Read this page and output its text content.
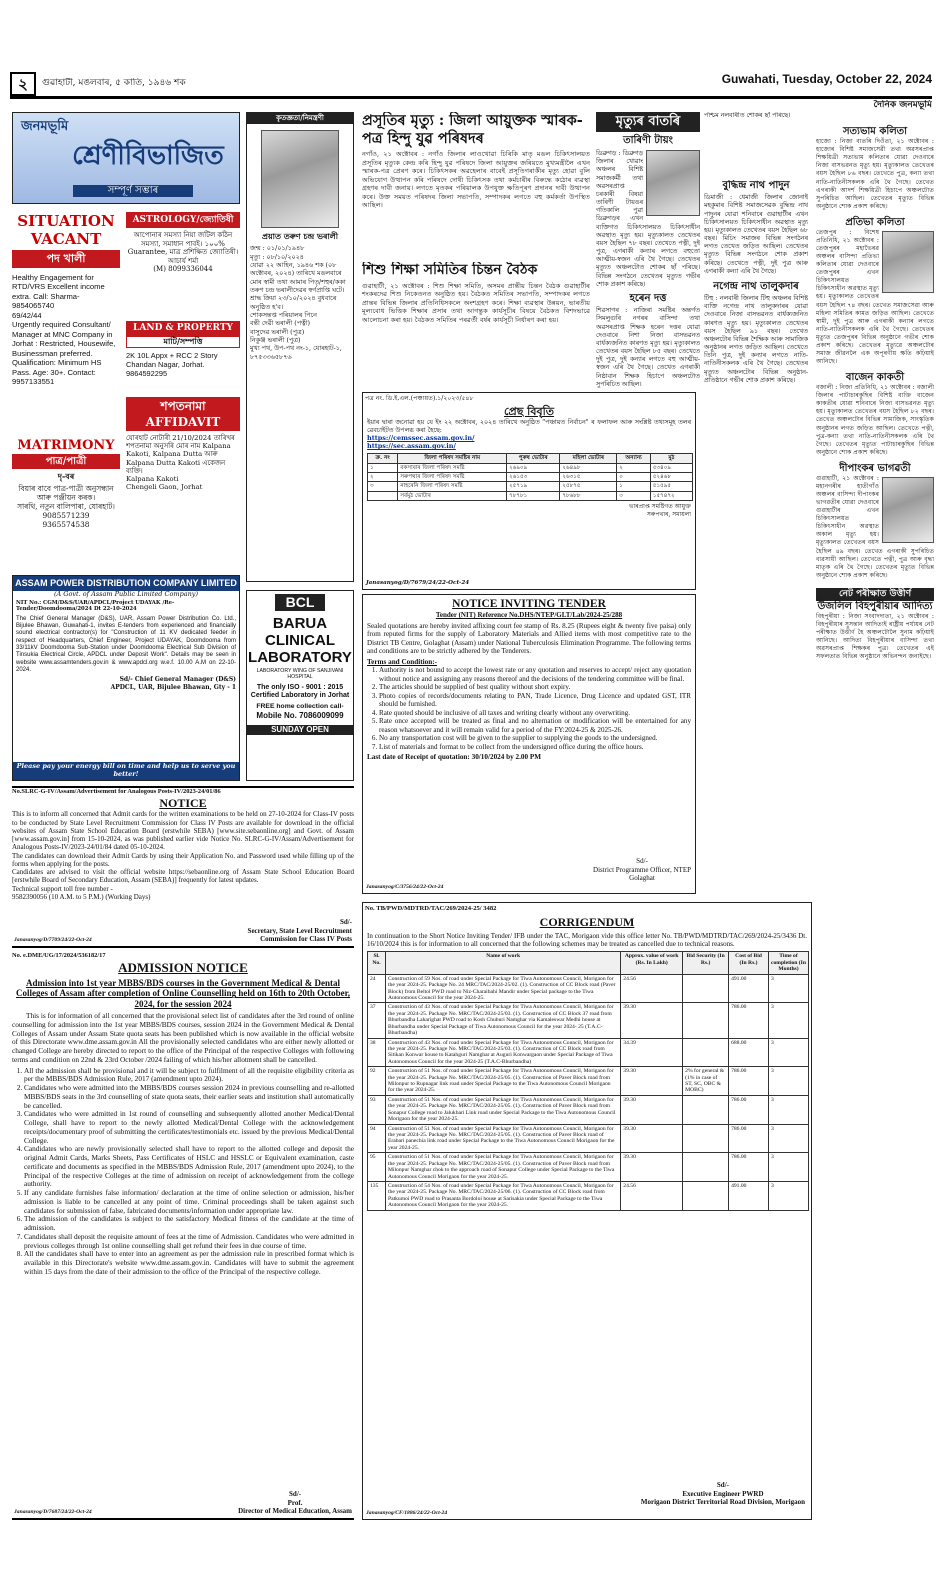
২	গুৱাহাটী, মঙলবাৰ, ৫ কাতি, ১৯৪৬ শক	Guwahati, Tuesday, October 22, 2024
দৈনিক জনমভূমি
জনমভূমি
শ্ৰেণীবিভাজিত
সম্পূৰ্ণ সম্ভাৰ
SITUATION VACANT
পদ খালী
Healthy Engagement for RTD/VRS Excellent income extra. Call: Sharma- 9854065740
69/42/44
Urgently required Consultant/ Manager at MNC Company in Jorhat : Restricted, Housewife, Businessman preferred. Qualification: Minimum HS Pass. Age: 30+. Contact: 9957133551
MATRIMONY
পাত্ৰ/পাত্ৰী
দৃ-বৰ
বিয়াৰ বাবে পাত্ৰ-পাত্ৰী অনুসন্ধান আৰু পঞ্জীয়ন কৰক।
সাৰথি, নতুন বালিপাৰা, যোৰহাট।
9085571239
9365574538
ASTROLOGY/জ্যোতিষী
আপোনাৰ সমস্যা নিয়া জটিল কঠিন সমস্যা, সমাধান পাবই। ১০০% Guarantee, মাত্ৰ প্ৰশিক্ষিত জ্যোতিষী।
আচাৰ্য শৰ্মা
(M) 8099336044
LAND & PROPERTY
মাটি/সম্পত্তি
2K 10L Appx + RCC 2 Story Chandan Nagar, Jorhat. 9864592295
শপতনামা AFFIDAVIT
যোৰহাট নোটাৰী 21/10/2024 তাৰিখৰ শপতনামা অনুসৰি মোৰ নাম Kalpana Kakoti, Kalpana Dutta আৰু Kalpana Dutta Kakoti একেজন ব্যক্তি।
Kalpana Kakoti
Chengeli Gaon, Jorhat
কৃতজ্ঞতা/নিমন্ত্ৰণী
প্ৰয়াত তৰুণ চন্দ্ৰ ভৰালী
জন্ম : ০১/০১/১৯৪৮
মৃত্যু : ০৮/১০/২০২৪
যোৱা ২২ আহিন, ১৯৪৬ শক (০৮ অক্টোবৰ, ২০২৪) তাৰিখে মঙলবাৰে মোৰ স্বামী তথা আমাৰ পিতৃ/শহুৰ/ককা তৰুণ চন্দ্ৰ ভৰালীদেৱৰ স্বৰ্গপ্ৰাপ্তি ঘটে। শ্ৰাদ্ধ ক্ৰিয়া ২৩/১০/২০২৪ বুধবাৰে অনুষ্ঠিত হ'ব।
শোকসন্তপ্ত পৰিয়ালৰ পিনে
বন্তী দেৱী ভৰালী (পত্নী)
বাসুদেৱ ভৰালী (পুত্ৰ)
নিকুঞ্জ ভৰালী (পুত্ৰ)
মুখ্য পথ, উপ-পথ নং-১, যোৰহাট-১, ৮৭৫৩৩৬৫৮৭৬
ASSAM POWER DISTRIBUTION COMPANY LIMITED
(A Govt. of Assam Public Limited Company)
NIT No.: CGM/D&S/UAR/APDCL/Project UDAYAK /Re-Tender/Doomdooma/2024 Dt 22-10-2024
The Chief General Manager (D&S), UAR, Assam Power Distribution Co. Ltd., Bijulee Bhawan, Guwahati-1, invites E-tenders from experienced and financially sound electrical contractor(s) for "Construction of 11 KV dedicated feeder in respect of Headquarters, Chief Engineer, Project UDAYAK, Doomdooma from 33/11kV Doomdooma Sub-Station under Doomdooma Electrical Sub Division of Tinsukia Electrical Circle, APDCL under Deposit Work". Details may be seen in website www.assamtenders.gov.in & www.apdcl.org w.e.f. 10.00 A.M on 22-10-2024.
Sd/- Chief General Manager (D&S)
APDCL, UAR, Bijulee Bhawan, Gty - 1
Please pay your energy bill on time and help us to serve you better!
BCL
BARUA CLINICAL LABORATORY
LABORATORY WING OF SANJIVANI HOSPITAL
The only ISO - 9001 : 2015 Certified Laboratory in Jorhat
FREE home collection call-
Mobile No. 7086009099
SUNDAY OPEN
No.SLRC-G-IV/Assam/Advertisement for Analogous Posts-IV/2023-24/01/86
NOTICE
This is to inform all concerned that Admit cards for the written examinations to be held on 27-10-2024 for Class-IV posts to be conducted by State Level Recruitment Commission for Class IV Posts are available for download in the official websites of Assam State School Education Board (erstwhile SEBA) [www.site.sebaonline.org] and Govt. of Assam [www.assam.gov.in] from 15-10-2024, as was published earlier vide Notice No. SLRC-G-IV/Assam/Advertisement for Analogous Posts-IV/2023-24/01/84 dated 05-10-2024.
The candidates can download their Admit Cards by using their Application No. and Password used while filling up of the forms when applying for the posts.
Candidates are advised to visit the official website https://sebaonline.org of Assam State School Education Board [erstwhile Board of Secondary Education, Assam (SEBA)] frequently for latest updates.
Technical support toll free number -
9582390056 (10 A.M. to 5 P.M.) (Working Days)
Sd/-
Secretary, State Level Recruitment
Commission for Class IV Posts
Janasanyog/D/7709/24/22-Oct-24
No. e.DME/UG/17/2024/536182/17
ADMISSION NOTICE
Admission into 1st year MBBS/BDS courses in the Government Medical & Dental Colleges of Assam after completion of Online Counselling held on 16th to 20th October, 2024, for the session 2024
This is for information of all concerned that the provisional select list of candidates after the 3rd round of online counselling for admission into the 1st year MBBS/BDS courses, session 2024 in the Government Medical & Dental Colleges of Assam under Assam State quota seats has been published which is now available in the official website of this Directorate www.dme.assam.gov.in All the provisionally selected candidates who are either newly allotted or changed College are hereby directed to report to the office of the Principal of the respective Colleges with following terms and condition on 22nd & 23rd October /2024 failing of which his/her allotment shall be cancelled.
1. All the admission shall be provisional and it will be subject to fulfilment of all the requisite eligibility criteria as per the MBBS/BDS Admission Rule, 2017 (amendment upto 2024).
2. Candidates who were admitted into the MBBS/BDS courses session 2024 in previous counselling and re-allotted MBBS/BDS seats in the 3rd counselling of state quota seats, their earlier seats and institution shall automatically be cancelled.
3. Candidates who were admitted in 1st round of counselling and subsequently allotted another Medical/Dental College, shall have to report to the newly allotted Medical/Dental College with the acknowledgement receipts/documentary proof of submitting the certificates/testimonials etc. issued by the previous Medical/Dental College.
4. Candidates who are newly provisionally selected shall have to report to the allotted college and deposit the original Admit Cards, Marks Sheets, Pass Certificates of HSLC and HSSLC or Equivalent examination, caste certificate and documents as specified in the MBBS/BDS Admission Rule, 2017 (amendment upto 2024), to the Principal of the respective Colleges at the time of admission on receipt of acknowledgement from the college authority.
5. If any candidate furnishes false information/ declaration at the time of online selection or admission, his/her admission is liable to be cancelled at any point of time. Criminal proceedings shall be taken against such candidates for submission of false, fabricated documents/information under appropriate law.
6. The admission of the candidates is subject to the satisfactory Medical fitness of the candidate at the time of admission.
7. Candidates shall deposit the requisite amount of fees at the time of Admission. Candidates who were admitted in previous colleges through 1st online counselling shall get refund their fees in due course of time.
8. All the candidates shall have to enter into an agreement as per the admission rule in prescribed format which is available in this Directorate's website www.dme.assam.gov.in. Candidates will have to submit the agreement within 15 days from the date of their admission to the office of the Principal of the respective college.
Sd/-
Prof.
Director of Medical Education, Assam
Janasanyog/D/7687/24/22-Oct-24
প্ৰসূতিৰ মৃত্যু : জিলা আয়ুক্তক স্মাৰক-পত্ৰ হিন্দু যুৱ পৰিষদৰ
নগাঁও, ২১ অক্টোবৰ : নগাঁও জিলাৰ লাওখোৱা চিৰিকি মাতৃ মঙল চিকিৎসালয়ত প্ৰসূতিৰ মৃত্যুক কেন্দ্ৰ কৰি হিন্দু যুৱ পৰিষদে জিলা আয়ুক্তৰ জৰিয়তে মুখ্যমন্ত্ৰীলৈ এখন স্মাৰক-পত্ৰ প্ৰেৰণ কৰে। চিকিৎসকৰ অৱহেলাৰ বাবেই প্ৰসূতিগৰাকীৰ মৃত্যু হোৱা বুলি অভিযোগ উত্থাপন কৰি পৰিষদে দোষী চিকিৎসক তথা কৰ্মচাৰীৰ বিৰুদ্ধে কঠোৰ ব্যৱস্থা গ্ৰহণৰ দাবী জনায়। লগতে মৃতকৰ পৰিয়ালক উপযুক্ত ক্ষতিপূৰণ প্ৰদানৰ দাবী উত্থাপন কৰে। উক্ত সময়ত পৰিষদৰ জিলা সভাপতি, সম্পাদকৰ লগতে বহু কৰ্মকৰ্তা উপস্থিত আছিল।
মৃত্যুৰ বাতৰি
তাৰিণী টায়ং
ডিব্ৰুগড় : ডিব্ৰুগড় জিলাৰ খোৱাং অঞ্চলৰ বিশিষ্ট সমাজকৰ্মী তথা অৱসৰপ্ৰাপ্ত চৰকাৰী বিষয়া তাৰিণী টায়ঙৰ গতিকালি পুৱা ডিব্ৰুগড়ৰ এখন ব্যক্তিগত চিকিৎসালয়ত চিকিৎসাধীন অৱস্থাত মৃত্যু হয়। মৃত্যুকালত তেখেতৰ বয়স হৈছিল ৭৮ বছৰ। তেখেতে পত্নী, দুই পুত্ৰ, এগৰাকী কন্যাৰ লগতে বহুতো আত্মীয়-স্বজন এৰি থৈ গৈছে। তেখেতৰ মৃত্যুত অঞ্চলটোত শোকৰ ছাঁ পৰিছে। বিভিন্ন সংগঠনে তেখেতৰ মৃত্যুত গভীৰ শোক প্ৰকাশ কৰিছে।
হৰেন দত্ত
শিৱসাগৰ : নাজিৰা সমষ্টিৰ অন্তৰ্গত সিমলুগুৰি নগৰৰ বাসিন্দা তথা অৱসৰপ্ৰাপ্ত শিক্ষক হৰেন দত্তৰ যোৱা দেওবাৰে নিশা নিজা বাসভৱনত বাৰ্ধক্যজনিত কাৰণত মৃত্যু হয়। মৃত্যুকালত তেখেতৰ বয়স হৈছিল ৮৫ বছৰ। তেখেতে দুই পুত্ৰ, দুই কন্যাৰ লগতে বহু আত্মীয়-স্বজন এৰি থৈ গৈছে। তেখেত এগৰাকী নিষ্ঠাবান শিক্ষক হিচাপে অঞ্চলটোত সুপৰিচিত আছিল।
পশ্চিম নলবাৰীত শোকৰ ছাঁ পৰিছে।
শিশু শিক্ষা সমিতিৰ চিন্তন বৈঠক
গুৱাহাটী, ২১ অক্টোবৰ : শিশু শিক্ষা সমিতি, অসমৰ প্ৰান্তীয় চিন্তন বৈঠক গুৱাহাটীৰ শংকৰদেৱ শিশু নিকেতনত অনুষ্ঠিত হয়। বৈঠকত সমিতিৰ সভাপতি, সম্পাদকৰ লগতে প্ৰান্তৰ বিভিন্ন জিলাৰ প্ৰতিনিধিসকলে অংশগ্ৰহণ কৰে। শিক্ষা ব্যৱস্থাৰ উন্নয়ন, ভাৰতীয় মূল্যবোধ ভিত্তিক শিক্ষাৰ প্ৰসাৰ তথা আগন্তুক কাৰ্যসূচীৰ বিষয়ে বৈঠকত বিশদভাৱে আলোচনা কৰা হয়। বৈঠকত সমিতিৰ পৰৱৰ্তী বৰ্ষৰ কাৰ্যসূচী নিৰ্ধাৰণ কৰা হয়।
পত্ৰ নং. ডি.ই.এল.(পঞ্চায়ত).১/২০২৩/৫৪৮
প্ৰেছ বিবৃতি
ইয়াৰ দ্বাৰা জনোৱা হয় যে ইং ২২ অক্টোবৰ, ২০২৪ তাৰিখে অনুষ্ঠিত "পঞ্চায়ত নিৰ্বাচন" ৰ ফলাফল আৰু সংশ্লিষ্ট তথ্যসমূহ তলৰ ৱেবচাইটত উপলব্ধ কৰা হৈছে:
https://cemssec.assam.gov.in/
https://sec.assam.gov.in/
ক্ৰ. নং	জিলা পৰিষদ সমষ্টিৰ নাম	পুৰুষ ভোটাৰ	মহিলা ভোটাৰ	অন্যান্য	মুঠ
১	বকসাবাৰ জিলা পৰিষদ সমষ্টি	২৬৯০৯	২৬৪৯৮	২	৫৩৪০৯
২	সৰুপথাৰ জিলা পৰিষদ সমষ্টি	২৬১৫৩	২৬৩১৫	০	৫২৪৬৮
৩	নাহৰেনি জিলা পৰিষদ সমষ্টি	২৫৭১৯	২৫৮৭৫	১	৫১৫৯৫
	সৰ্বমুঠ ভোটাৰ	৭৮৭৮১	৭৮৬৮৮	৩	১৫৭৪৭২
ভাৰপ্ৰাপ্ত সমষ্টিগত আয়ুক্ত
সৰুপথাৰ, সমায়লা
Janasanyog/D/7679/24/22-Oct-24
NOTICE INVITING TENDER
Tender (NIT) Reference No.DHS/NTEP/GLT/Lab/2024-25/288
Sealed quotations are hereby invited affixing court fee stamp of Rs. 8.25 (Rupees eight & twenty five paisa) only from reputed firms for the supply of Laboratory Materials and Allied items with most competitive rate to the District TB Centre, Golaghat (Assam) under National Tuberculosis Elimination Programme. The following terms and conditions are to be strictly adhered by the Tenderers.
Terms and Condition:-
1. Authority is not bound to accept the lowest rate or any quotation and reserves to accept/ reject any quotation without notice and assigning any reasons thereof and the decisions of the tendering committee will be final.
2. The articles should be supplied of best quality without short expiry.
3. Photo copies of records/documents relating to PAN, Trade Licence, Drug Licence and updated GST, ITR should be furnished.
4. Rate quoted should be inclusive of all taxes and writing clearly without any overwriting.
5. Rate once accepted will be treated as final and no alternation or modification will be entertained for any reason whatsoever and it will remain valid for a period of the FY:2024-25 & 2025-26.
6. No any transportation cost will be given to the supplier to supplying the goods to the undersigned.
7. List of materials and format to be collect from the undersigned office during the office hours.
Last date of Receipt of quotation: 30/10/2024 by 2.00 PM
Sd/-
District Programme Officer, NTEP
Golaghat
Janasanyog/C/3756/24/22-Oct-24
No. TB/PWD/MDTRD/TAC/269/2024-25/ 3482
CORRIGENDUM
In continuation to the Short Notice Inviting Tender/ IFB under the TAC, Morigaon vide this office letter No. TB/PWD/MDTRD/TAC/269/2024-25/3436 Dt. 16/10/2024 this is for information to all concerned that the following schemes may be treated as cancelled due to technical reasons.
Sl. No.	Name of work	Approx. value of work (Rs. In Lakh)	Bid Security (In Rs.)	Cost of Bid (In Rs.)	Time of completion (In Months)
24	Construction of 59 Nos. of road under Special Package for Tiwa Autonomous Council, Morigaon for the year 2024-25. Package No. 24 MRC/TAC/2024-25/02. (1). Construction of CC Block road (Paver Block) from Beltol PWD road to Niz-Charaibahi Mandir under Special package to the Tiwa Autonomous Council for the year 2024-25.	24.56		491.00	3
37	Construction of 43 Nos. of road under Special Package for Tiwa Autonomous Council, Morigaon for the year 2024-25. Package No. MRC/TAC/2024-25/03. (1). Construction of CC Block 37 road from Bhurbandha Laharighat PWD road to Kosh Chuburi Namghar via Kamaleswar Medhi house at Bhurbandha under Special Package of Tiwa Autonomous Council for the year 2024- 25 (T.A.C-Bhurbandha)	39.30		786.00	3
38	Construction of 43 Nos. of road under Special Package for Tiwa Autonomous Council, Morigaon for the year 2024-25. Package No. MRC/TAC/2024-25/03. (1). Construction of CC Block road from Sitikan Konwar house to Katahguri Namghar at Auguri Konwargaon under Special Package of Tiwa Autonomous Council for the year 2024-25 (T.A.C-Bhurbandha)	34.39		688.00	3
92	Construction of 51 Nos. of road under Special Package for Tiwa Autonomous Council, Morigaon for the year 2024-25. Package No. MRC/TAC/2024-25/05. (1). Construction of Paver Block road from Milonpur to Rupnagar link road under Special Package to the Tiwa Autonomous Council Morigaon for the year 2024-25.	39.30	2% for general & (1% in case of ST, SC, OBC & MOBC)	786.00	3
93	Construction of 51 Nos. of road under Special Package for Tiwa Autonomous Council, Morigaon for the year 2024-25. Package No. MRC/TAC/2024-25/05. (1). Construction of Paver Block road from Sonapur College road to Jalukbari Link road under Special Package to the Tiwa Autonomous Council Morigaon for the year 2024-25.	39.30		786.00	3
94	Construction of 51 Nos. of road under Special Package for Tiwa Autonomous Council, Morigaon for the year 2024-25. Package No. MRC/TAC/2024-25/05. (1). Construction of Paver Block road of Erabari panechia link road under Special Package to the Tiwa Autonomous Council Morigaon for the year 2024-25.	39.30		786.00	3
95	Construction of 51 Nos. of road under Special Package for Tiwa Autonomous Council, Morigaon for the year 2024-25. Package No. MRC/TAC/2024-25/05. (1). Construction of Paver Block road from Milonpur Namghar chok to the approach road of Sonapur College under Special Package to the Tiwa Autonomous Council Morigaon for the year 2024-25.	39.30		786.00	3
135	Construction of 54 Nos. of road under Special Package for Tiwa Autonomous Council, Morigaon for the year 2024-25. Package No. MRC/TAC/2024-25/06. (1). Construction of CC Block road from Patkumoi PWD road to Prasanta Bordoloi house at Sarisakia under Special Package to the Tiwa Autonomous Council Morigaon for the year 2024-25.	24.56		491.00	3
Sd/-
Executive Engineer PWRD
Morigaon District Territorial Road Division, Morigaon
Janasanyog/CF/1886/24/22-Oct-24
বুদ্ধিন্দ্ৰ নাথ পাদুন
ডিমাজী : ধেমাজী জিলাৰ জোনাই মহকুমাৰ বিশিষ্ট সমাজসেৱক বুদ্ধিন্দ্ৰ নাথ পাদুনৰ যোৱা শনিবাৰে গুৱাহাটীৰ এখন চিকিৎসালয়ত চিকিৎসাধীন অৱস্থাত মৃত্যু হয়। মৃত্যুকালত তেখেতৰ বয়স হৈছিল ৬৮ বছৰ। মিচিং সমাজৰ বিভিন্ন সংগঠনৰ লগত তেখেত জড়িত আছিল। তেখেতৰ মৃত্যুত বিভিন্ন সংগঠনে শোক প্ৰকাশ কৰিছে। তেখেতে পত্নী, দুই পুত্ৰ আৰু এগৰাকী কন্যা এৰি থৈ গৈছে।
নগেন্দ্ৰ নাথ তালুকদাৰ
টিহু : নলবাৰী জিলাৰ টিহু অঞ্চলৰ বিশিষ্ট ব্যক্তি নগেন্দ্ৰ নাথ তালুকদাৰৰ যোৱা দেওবাৰে নিজা বাসভৱনত বাৰ্ধক্যজনিত কাৰণত মৃত্যু হয়। মৃত্যুকালত তেখেতৰ বয়স হৈছিল ৯১ বছৰ। তেখেত অঞ্চলটোৰ বিভিন্ন শৈক্ষিক আৰু সামাজিক অনুষ্ঠানৰ লগত জড়িত আছিল। তেখেতে তিনি পুত্ৰ, দুই কন্যাৰ লগতে নাতি-নাতিনীসকলক এৰি থৈ গৈছে। তেখেতৰ মৃত্যুত অঞ্চলটোৰ বিভিন্ন অনুষ্ঠান-প্ৰতিষ্ঠানে গভীৰ শোক প্ৰকাশ কৰিছে।
সত্যভাম কলিতা
হাজো : নিজা বাতৰি দিওঁতা, ২১ অক্টোবৰ : হাজোৰ বিশিষ্ট সমাজসেৱী তথা অৱসৰপ্ৰাপ্ত শিক্ষয়িত্ৰী সত্যভাম কলিতাৰ যোৱা দেওবাৰে নিজা বাসভৱনত মৃত্যু হয়। মৃত্যুকালত তেখেতৰ বয়স হৈছিল ৮৬ বছৰ। তেখেতে পুত্ৰ, কন্যা তথা নাতি-নাতিনীসকলক এৰি থৈ গৈছে। তেখেত এগৰাকী আদৰ্শ শিক্ষয়িত্ৰী হিচাপে অঞ্চলটোত সুপৰিচিত আছিল। তেখেতৰ মৃত্যুত বিভিন্ন অনুষ্ঠানে শোক প্ৰকাশ কৰিছে।
প্ৰতিভা কলিতা
তেজপুৰ : বিশেষ প্ৰতিনিধি, ২১ অক্টোবৰ : তেজপুৰৰ মহাভৈৰৱ অঞ্চলৰ বাসিন্দা প্ৰতিভা কলিতাৰ যোৱা দেওবাৰে তেজপুৰৰ এখন চিকিৎসালয়ত চিকিৎসাধীন অৱস্থাত মৃত্যু হয়। মৃত্যুকালত তেখেতৰ বয়স হৈছিল ৭৪ বছৰ। তেখেত সমাজসেৱা আৰু মহিলা সমিতিৰ কামত জড়িত আছিল। তেখেতে স্বামী, দুই পুত্ৰ আৰু এগৰাকী কন্যাৰ লগতে নাতি-নাতিনীসকলক এৰি থৈ গৈছে। তেখেতৰ মৃত্যুত তেজপুৰৰ বিভিন্ন অনুষ্ঠানে গভীৰ শোক প্ৰকাশ কৰিছে। তেখেতৰ মৃত্যুৱে অঞ্চলটোৰ সমাজ জীৱনলৈ এক অপূৰণীয় ক্ষতি কঢ়িয়াই আনিছে।
বাজেন কাকতী
বজালী : নিজা প্ৰতিনিধি, ২১ অক্টোবৰ : বজালী জিলাৰ পাটাচাৰকুছিৰ বিশিষ্ট ব্যক্তি বাজেন কাকতীৰ যোৱা শনিবাৰে নিজা বাসভৱনত মৃত্যু হয়। মৃত্যুকালত তেখেতৰ বয়স হৈছিল ৮২ বছৰ। তেখেত অঞ্চলটোৰ বিভিন্ন সামাজিক, সাংস্কৃতিক অনুষ্ঠানৰ লগত জড়িত আছিল। তেখেতে পত্নী, পুত্ৰ-কন্যা তথা নাতি-নাতিনীসকলক এৰি থৈ গৈছে। তেখেতৰ মৃত্যুত পাটাচাৰকুছিৰ বিভিন্ন অনুষ্ঠানে শোক প্ৰকাশ কৰিছে।
দীপাংকৰ ভাগৱতী
গুৱাহাটী, ২১ অক্টোবৰ : মহানগৰীৰ হাতীগাঁও অঞ্চলৰ বাসিন্দা দীপাংকৰ ভাগৱতীৰ যোৱা দেওবাৰে গুৱাহাটীৰ এখন চিকিৎসালয়ত চিকিৎসাধীন অৱস্থাত অকাল মৃত্যু হয়। মৃত্যুকালত তেখেতৰ বয়স হৈছিল ৪৯ বছৰ। তেখেত এগৰাকী সুপৰিচিত ব্যৱসায়ী আছিল। তেখেতে পত্নী, পুত্ৰ আৰু বৃদ্ধা মাতৃক এৰি থৈ গৈছে। তেখেতৰ মৃত্যুত বিভিন্ন অনুষ্ঠানে শোক প্ৰকাশ কৰিছে।
নেট পৰীক্ষাত উত্তীৰ্ণ
উজলিল বিহপুৰীয়াৰ আদিত্য
বিহপুৰীয়া : নিজা সংবাদদাতা, ২১ অক্টোবৰ : বিহপুৰীয়াৰ সুসন্তান আদিত্যই ৰাষ্ট্ৰীয় পৰ্যায়ৰ নেট পৰীক্ষাত উত্তীৰ্ণ হৈ অঞ্চলটোলৈ সুনাম কঢ়িয়াই আনিছে। আদিত্য বিহপুৰীয়াৰ বাসিন্দা তথা অৱসৰপ্ৰাপ্ত শিক্ষকৰ পুত্ৰ। তেখেতৰ এই সফলতাত বিভিন্ন অনুষ্ঠানে অভিনন্দন জনাইছে।
